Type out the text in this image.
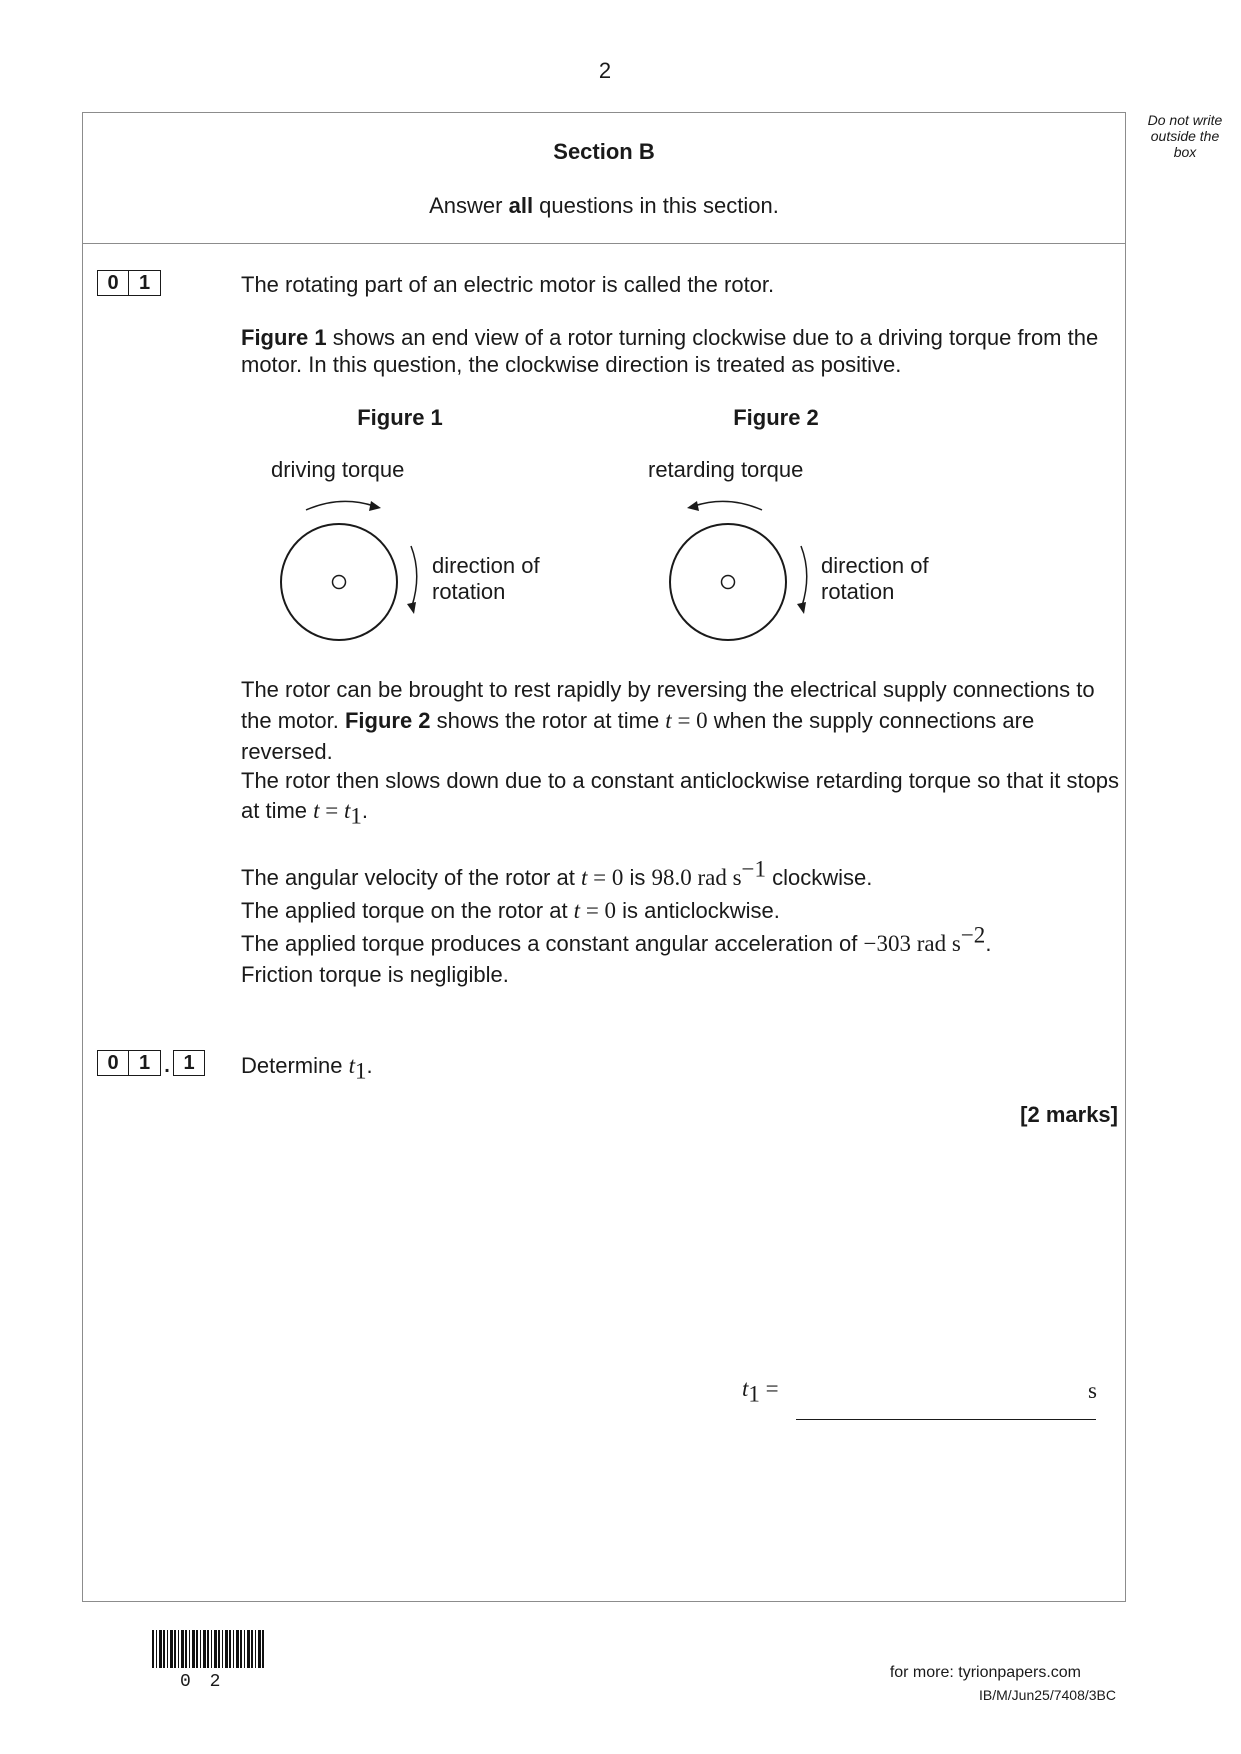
2
Do not write outside the box
Section B
Answer all questions in this section.
0	1	The rotating part of an electric motor is called the rotor.
Figure 1 shows an end view of a rotor turning clockwise due to a driving torque from the motor. In this question, the clockwise direction is treated as positive.
Figure 1
driving torque
direction of
rotation
Figure 2
retarding torque
direction of
rotation
The rotor can be brought to rest rapidly by reversing the electrical supply connections to the motor. Figure 2 shows the rotor at time t = 0 when the supply connections are reversed.
The rotor then slows down due to a constant anticlockwise retarding torque so that it stops at time $t = t_1$.
The angular velocity of the rotor at t = 0 is 98.0 rad $s^{-1}$ clockwise.
The applied torque on the rotor at t = 0 is anticlockwise.
The applied torque produces a constant angular acceleration of −303 rad $s^{-2}$.
Friction torque is negligible.
0	1 . 1	Determine $t_1$.
[2 marks]
$t_1$ =	s
0 2	for more: tyrionpapers.com
IB/M/Jun25/7408/3BC
